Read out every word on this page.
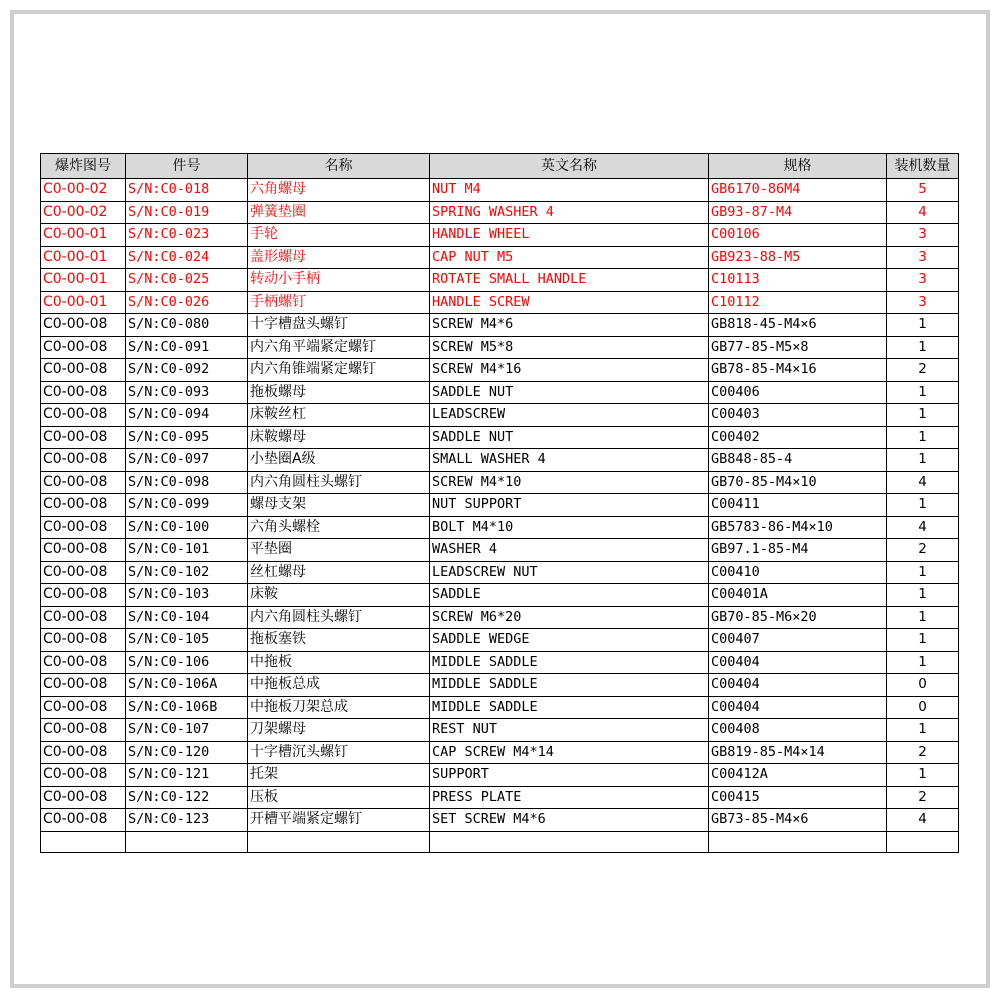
爆炸图号	件号	名称	英文名称	规格	装机数量
C0-00-02	S/N:C0-018	六角螺母	NUT M4	GB6170-86M4	5
C0-00-02	S/N:C0-019	弹簧垫圈	SPRING WASHER 4	GB93-87-M4	4
C0-00-01	S/N:C0-023	手轮	HANDLE WHEEL	C00106	3
C0-00-01	S/N:C0-024	盖形螺母	CAP NUT M5	GB923-88-M5	3
C0-00-01	S/N:C0-025	转动小手柄	ROTATE SMALL HANDLE	C10113	3
C0-00-01	S/N:C0-026	手柄螺钉	HANDLE SCREW	C10112	3
C0-00-08	S/N:C0-080	十字槽盘头螺钉	SCREW M4*6	GB818-45-M4×6	1
C0-00-08	S/N:C0-091	内六角平端紧定螺钉	SCREW M5*8	GB77-85-M5×8	1
C0-00-08	S/N:C0-092	内六角锥端紧定螺钉	SCREW M4*16	GB78-85-M4×16	2
C0-00-08	S/N:C0-093	拖板螺母	SADDLE NUT	C00406	1
C0-00-08	S/N:C0-094	床鞍丝杠	LEADSCREW	C00403	1
C0-00-08	S/N:C0-095	床鞍螺母	SADDLE NUT	C00402	1
C0-00-08	S/N:C0-097	小垫圈A级	SMALL WASHER 4	GB848-85-4	1
C0-00-08	S/N:C0-098	内六角圆柱头螺钉	SCREW M4*10	GB70-85-M4×10	4
C0-00-08	S/N:C0-099	螺母支架	NUT SUPPORT	C00411	1
C0-00-08	S/N:C0-100	六角头螺栓	BOLT M4*10	GB5783-86-M4×10	4
C0-00-08	S/N:C0-101	平垫圈	WASHER 4	GB97.1-85-M4	2
C0-00-08	S/N:C0-102	丝杠螺母	LEADSCREW NUT	C00410	1
C0-00-08	S/N:C0-103	床鞍	SADDLE	C00401A	1
C0-00-08	S/N:C0-104	内六角圆柱头螺钉	SCREW M6*20	GB70-85-M6×20	1
C0-00-08	S/N:C0-105	拖板塞铁	SADDLE WEDGE	C00407	1
C0-00-08	S/N:C0-106	中拖板	MIDDLE SADDLE	C00404	1
C0-00-08	S/N:C0-106A	中拖板总成	MIDDLE SADDLE	C00404	0
C0-00-08	S/N:C0-106B	中拖板刀架总成	MIDDLE SADDLE	C00404	0
C0-00-08	S/N:C0-107	刀架螺母	REST NUT	C00408	1
C0-00-08	S/N:C0-120	十字槽沉头螺钉	CAP SCREW M4*14	GB819-85-M4×14	2
C0-00-08	S/N:C0-121	托架	SUPPORT	C00412A	1
C0-00-08	S/N:C0-122	压板	PRESS PLATE	C00415	2
C0-00-08	S/N:C0-123	开槽平端紧定螺钉	SET SCREW M4*6	GB73-85-M4×6	4
